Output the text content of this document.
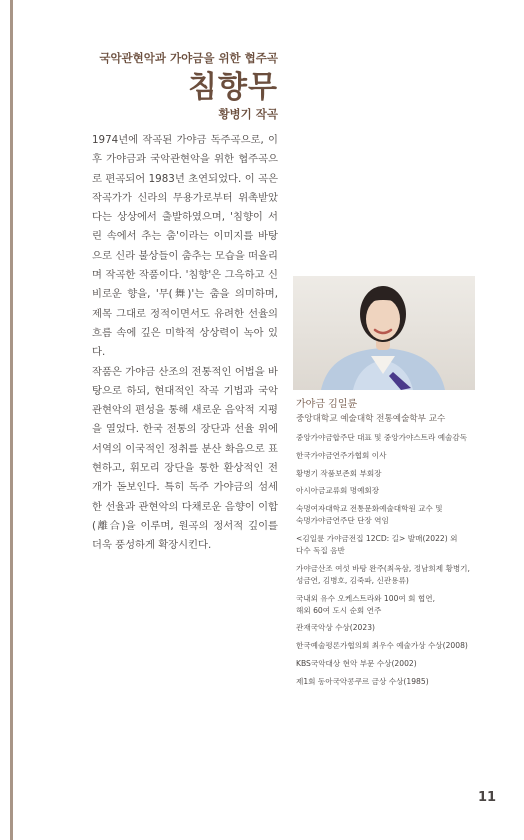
국악관현악과 가야금을 위한 협주곡
침향무
황병기 작곡

1974년에 작곡된 가야금 독주곡으로, 이후 가야금과 국악관현악을 위한 협주곡으로 편곡되어 1983년 초연되었다. 이 곡은 작곡가가 신라의 무용가로부터 위촉받았다는 상상에서 출발하였으며, '침향이 서린 속에서 추는 춤'이라는 이미지를 바탕으로 신라 불상들이 춤추는 모습을 떠올리며 작곡한 작품이다. '침향'은 그윽하고 신비로운 향을, '무(舞)'는 춤을 의미하며, 제목 그대로 정적이면서도 유려한 선율의 흐름 속에 깊은 미학적 상상력이 녹아 있다.

작품은 가야금 산조의 전통적인 어법을 바탕으로 하되, 현대적인 작곡 기법과 국악관현악의 편성을 통해 새로운 음악적 지평을 열었다. 한국 전통의 장단과 선율 위에 서역의 이국적인 정취를 분산 화음으로 표현하고, 휘모리 장단을 통한 환상적인 전개가 돋보인다. 특히 독주 가야금의 섬세한 선율과 관현악의 다채로운 음향이 이합(離合)을 이루며, 원곡의 정서적 깊이를 더욱 풍성하게 확장시킨다.

가야금 김일륜
중앙대학교 예술대학 전통예술학부 교수
중앙가야금합주단 대표 및 중앙가야스트라 예술감독
한국가야금연주가협회 이사
황병기 작품보존회 부회장
아시아금교류회 명예회장
숙명여자대학교 전통문화예술대학원 교수 및
숙명가야금연주단 단장 역임
<김일륜 가야금전집 12CD: 길> 발매(2022) 외
다수 독집 음반
가야금산조 여섯 바탕 완주(최옥삼, 정남희제 황병기,
성금연, 김병호, 김죽파, 신관용류)
국내외 유수 오케스트라와 100여 회 협연,
해외 60여 도시 순회 연주
관재국악상 수상(2023)
한국예술평론가협의회 최우수 예술가상 수상(2008)
KBS국악대상 현악 부문 수상(2002)
제1회 동아국악콩쿠르 금상 수상(1985)
11
